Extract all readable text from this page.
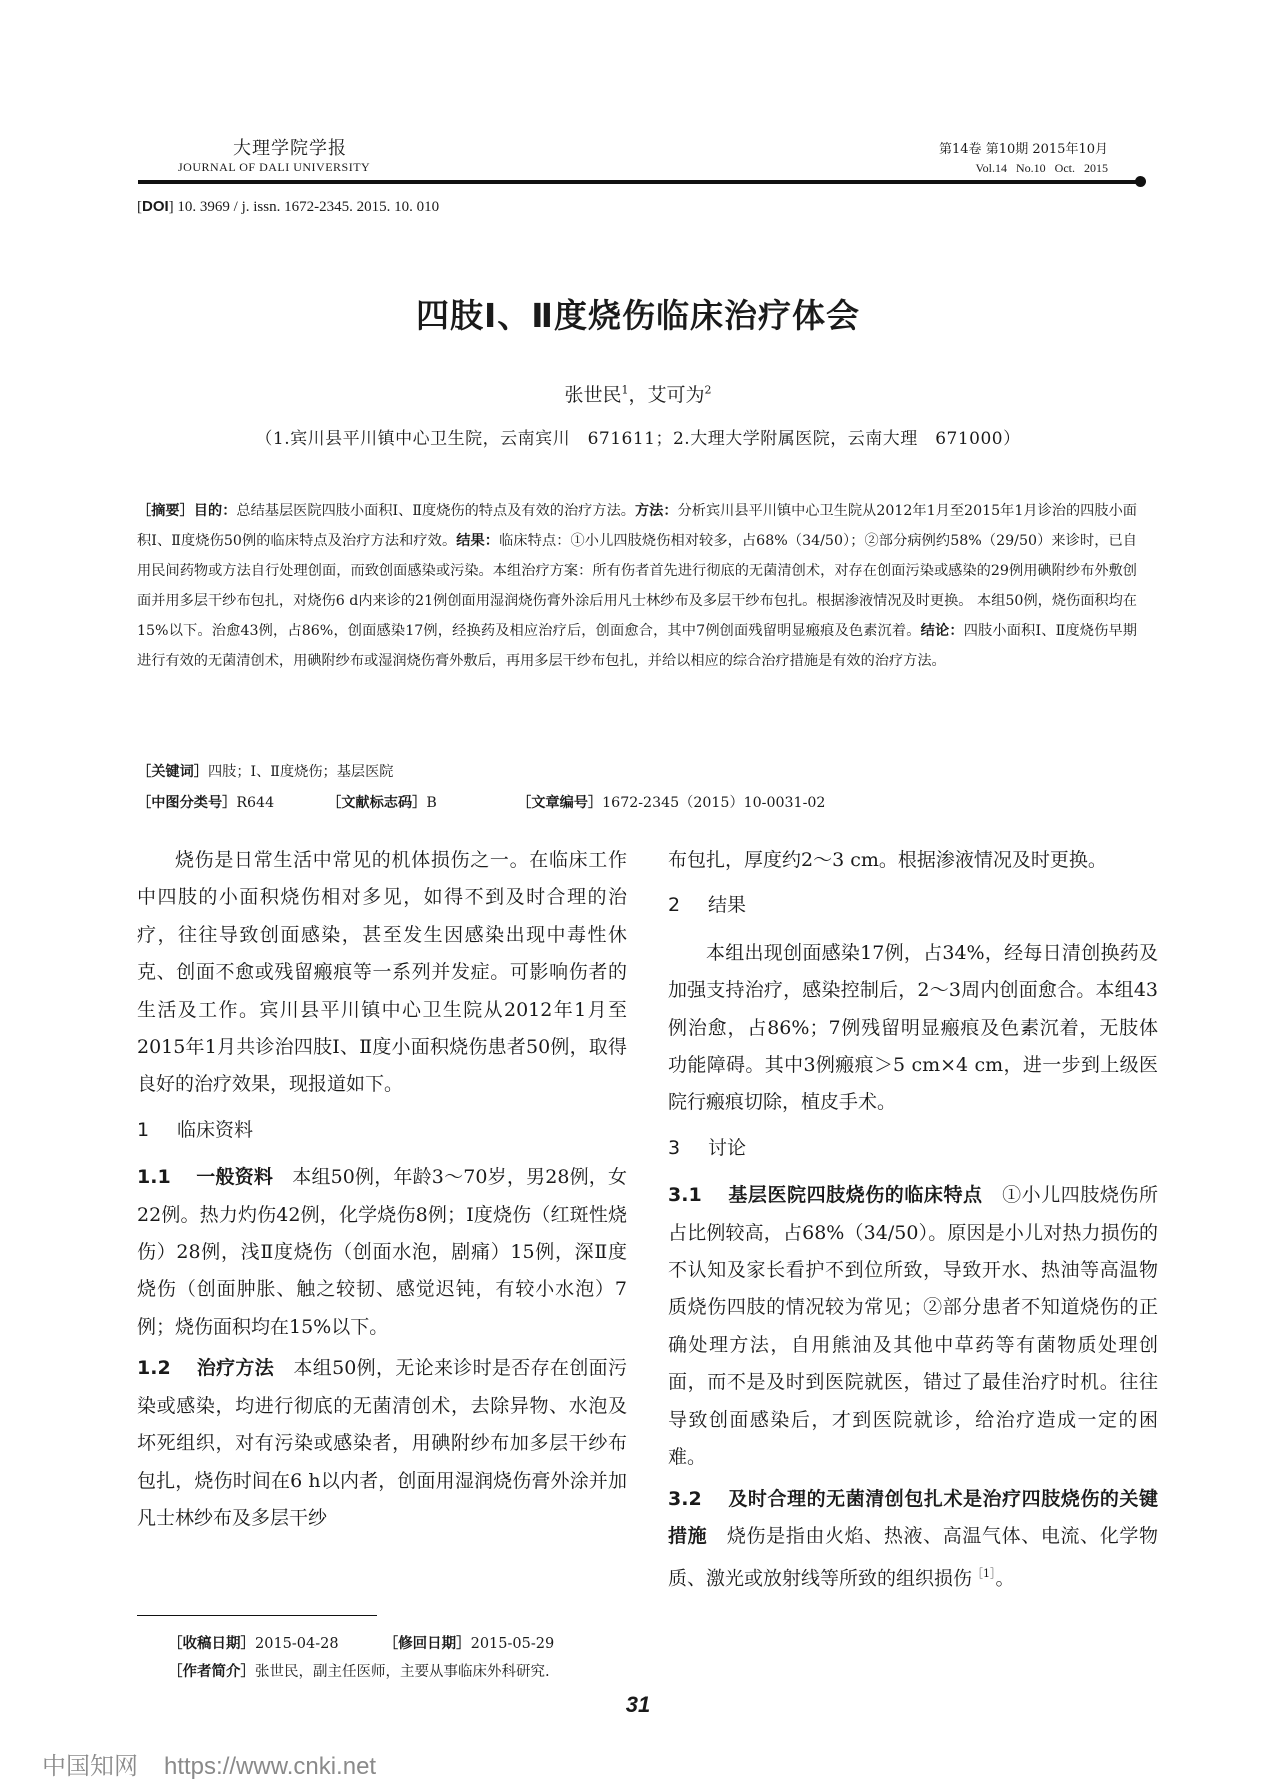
大理学院学报
JOURNAL OF DALI UNIVERSITY
第14卷 第10期 2015年10月
Vol.14 No.10 Oct. 2015
[DOI] 10. 3969 / j. issn. 1672-2345. 2015. 10. 010
四肢Ⅰ、Ⅱ度烧伤临床治疗体会
张世民$^1$，艾可为$^2$
（1.宾川县平川镇中心卫生院，云南宾川　671611；2.大理大学附属医院，云南大理　671000）
［摘要］目的：总结基层医院四肢小面积Ⅰ、Ⅱ度烧伤的特点及有效的治疗方法。方法：分析宾川县平川镇中心卫生院从2012年1月至2015年1月诊治的四肢小面积Ⅰ、Ⅱ度烧伤50例的临床特点及治疗方法和疗效。结果：临床特点：①小儿四肢烧伤相对较多，占68%（34/50）；②部分病例约58%（29/50）来诊时，已自用民间药物或方法自行处理创面，而致创面感染或污染。本组治疗方案：所有伤者首先进行彻底的无菌清创术，对存在创面污染或感染的29例用碘附纱布外敷创面并用多层干纱布包扎，对烧伤6 d内来诊的21例创面用湿润烧伤膏外涂后用凡士林纱布及多层干纱布包扎。根据渗液情况及时更换。 本组50例，烧伤面积均在15%以下。治愈43例，占86%，创面感染17例，经换药及相应治疗后，创面愈合，其中7例创面残留明显瘢痕及色素沉着。结论：四肢小面积Ⅰ、Ⅱ度烧伤早期进行有效的无菌清创术，用碘附纱布或湿润烧伤膏外敷后，再用多层干纱布包扎，并给以相应的综合治疗措施是有效的治疗方法。
［关键词］四肢；Ⅰ、Ⅱ度烧伤；基层医院
［中图分类号］R644	［文献标志码］B	［文章编号］1672-2345（2015）10-0031-02

烧伤是日常生活中常见的机体损伤之一。在临床工作中四肢的小面积烧伤相对多见，如得不到及时合理的治疗，往往导致创面感染，甚至发生因感染出现中毒性休克、创面不愈或残留瘢痕等一系列并发症。可影响伤者的生活及工作。宾川县平川镇中心卫生院从2012年1月至2015年1月共诊治四肢Ⅰ、Ⅱ度小面积烧伤患者50例，取得良好的治疗效果，现报道如下。

1 临床资料

1.1　 一般资料　 本组50例，年龄3～70岁，男28例，女22例。热力灼伤42例，化学烧伤8例；Ⅰ度烧伤（红斑性烧伤）28例，浅Ⅱ度烧伤（创面水泡，剧痛）15例，深Ⅱ度烧伤（创面肿胀、触之较韧、感觉迟钝，有较小水泡）7例；烧伤面积均在15%以下。

1.2　 治疗方法　 本组50例，无论来诊时是否存在创面污染或感染，均进行彻底的无菌清创术，去除异物、水泡及坏死组织，对有污染或感染者，用碘附纱布加多层干纱布包扎，烧伤时间在6 h以内者，创面用湿润烧伤膏外涂并加凡士林纱布及多层干纱

布包扎，厚度约2～3 cm。根据渗液情况及时更换。

2 结果

本组出现创面感染17例，占34%，经每日清创换药及加强支持治疗，感染控制后，2～3周内创面愈合。本组43例治愈，占86%；7例残留明显瘢痕及色素沉着，无肢体功能障碍。其中3例瘢痕＞5 cm×4 cm，进一步到上级医院行瘢痕切除，植皮手术。

3 讨论

3.1　 基层医院四肢烧伤的临床特点　 ①小儿四肢烧伤所占比例较高，占68%（34/50）。原因是小儿对热力损伤的不认知及家长看护不到位所致，导致开水、热油等高温物质烧伤四肢的情况较为常见；②部分患者不知道烧伤的正确处理方法，自用熊油及其他中草药等有菌物质处理创面，而不是及时到医院就医，错过了最佳治疗时机。往往导致创面感染后，才到医院就诊，给治疗造成一定的困难。

3.2　 及时合理的无菌清创包扎术是治疗四肢烧伤的关键措施　 烧伤是指由火焰、热液、高温气体、电流、化学物质、激光或放射线等所致的组织损伤$^{[1]}$。

［收稿日期］2015-04-28	［修回日期］2015-05-29
［作者简介］张世民，副主任医师，主要从事临床外科研究.
31
中国知网 https://www.cnki.net
